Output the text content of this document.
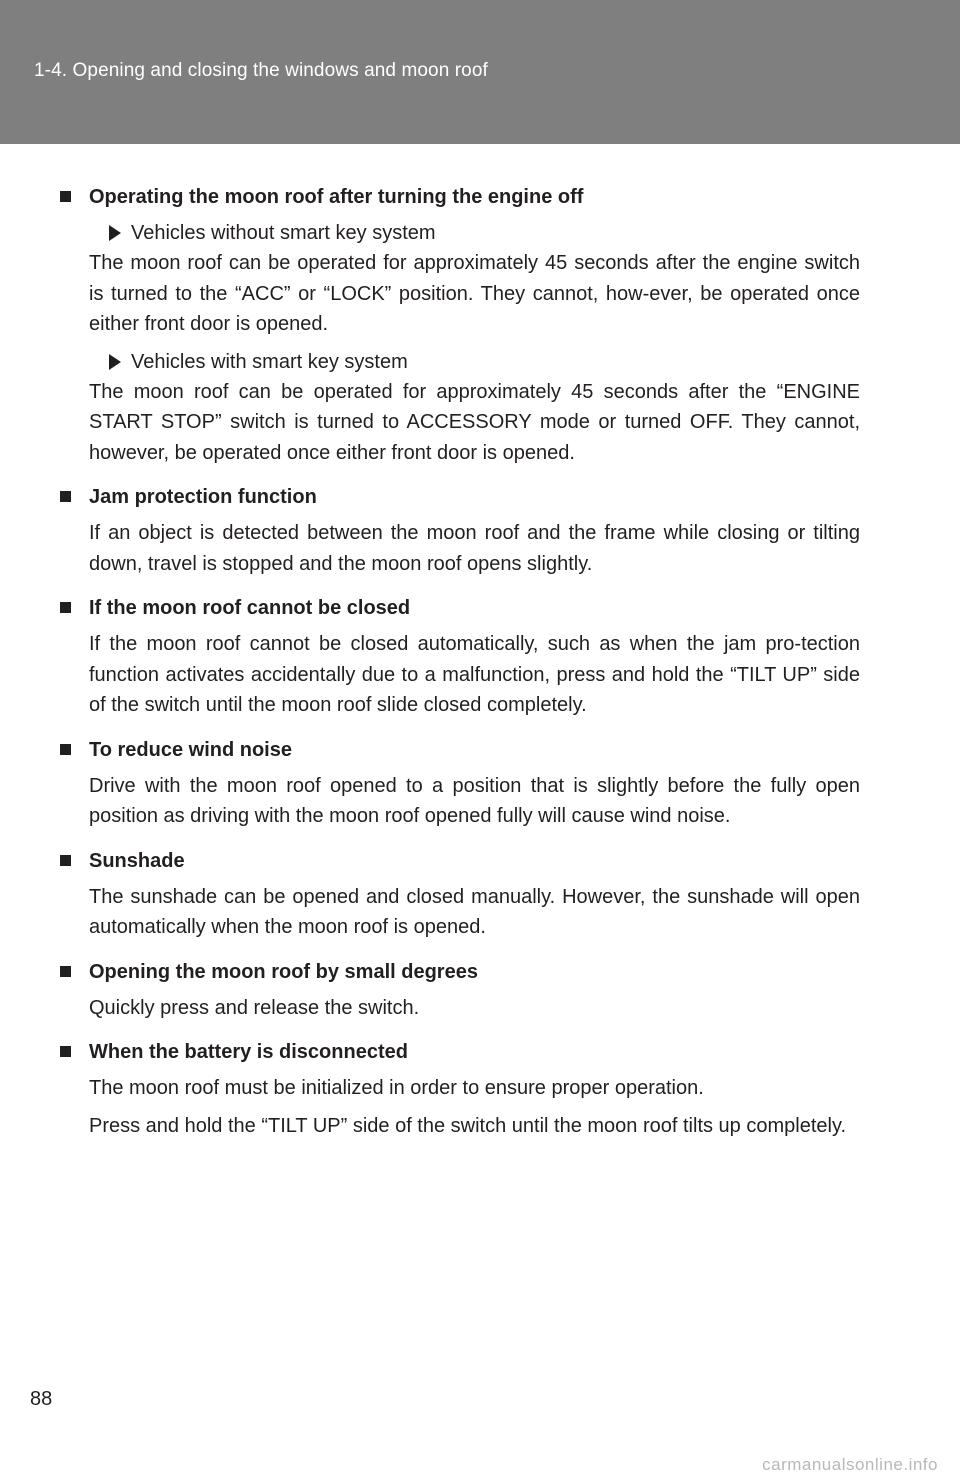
1-4. Opening and closing the windows and moon roof
Operating the moon roof after turning the engine off
Vehicles without smart key system

The moon roof can be operated for approximately 45 seconds after the engine switch is turned to the “ACC” or “LOCK” position. They cannot, how-ever, be operated once either front door is opened.

Vehicles with smart key system

The moon roof can be operated for approximately 45 seconds after the “ENGINE START STOP” switch is turned to ACCESSORY mode or turned OFF. They cannot, however, be operated once either front door is opened.

Jam protection function

If an object is detected between the moon roof and the frame while closing or tilting down, travel is stopped and the moon roof opens slightly.

If the moon roof cannot be closed

If the moon roof cannot be closed automatically, such as when the jam pro-tection function activates accidentally due to a malfunction, press and hold the “TILT UP” side of the switch until the moon roof slide closed completely.

To reduce wind noise

Drive with the moon roof opened to a position that is slightly before the fully open position as driving with the moon roof opened fully will cause wind noise.

Sunshade

The sunshade can be opened and closed manually. However, the sunshade will open automatically when the moon roof is opened.

Opening the moon roof by small degrees

Quickly press and release the switch.

When the battery is disconnected

The moon roof must be initialized in order to ensure proper operation.

Press and hold the “TILT UP” side of the switch until the moon roof tilts up completely.

88
carmanualsonline.info
